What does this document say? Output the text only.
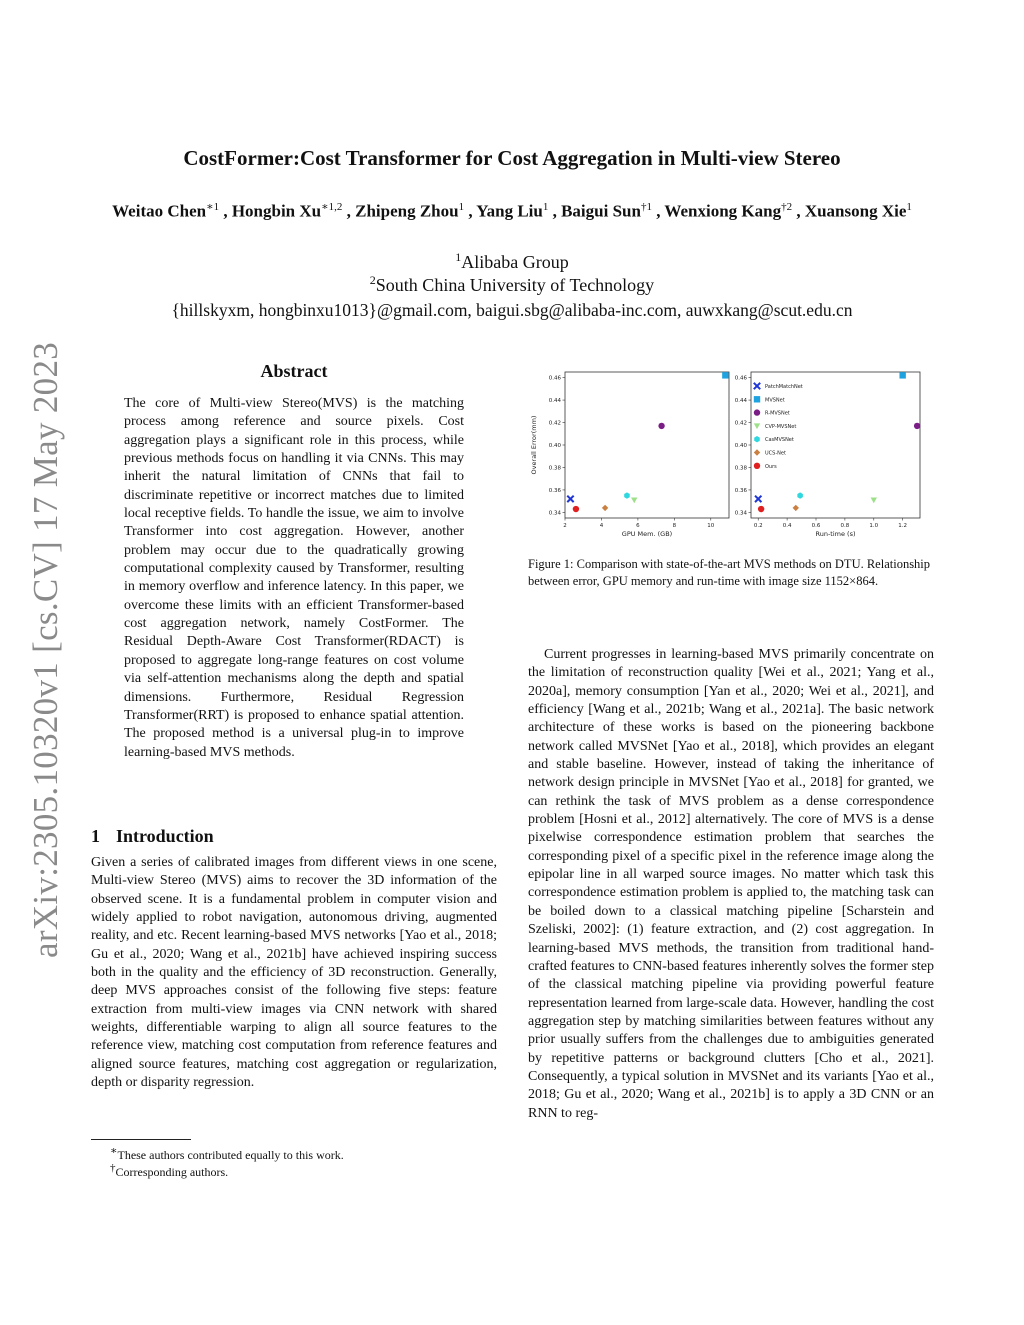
CostFormer:Cost Transformer for Cost Aggregation in Multi-view Stereo
Weitao Chen$^{∗1}$ , Hongbin $Xu^{∗1,2}$ , Zhipeng Zhou$^1$ , Yang Liu$^1$ , Baigui Sun$^{\dagger 1}$ , Wenxiong Kang$^{\dagger 2}$ , Xuansong Xie$^1$
$^1$Alibaba Group
$^2$South China University of Technology
{hillskyxm, hongbinxu1013}@gmail.com, baigui.sbg@alibaba-inc.com, auwxkang@scut.edu.cn
arXiv:2305.10320v1 [cs.CV] 17 May 2023	Abstract
The core of Multi-view Stereo(MVS) is the matching process among reference and source pixels. Cost aggregation plays a significant role in this process, while previous methods focus on handling it via CNNs. This may inherit the natural limitation of CNNs that fail to discriminate repetitive or incorrect matches due to limited local receptive fields. To handle the issue, we aim to involve Transformer into cost aggregation. However, another problem may occur due to the quadratically growing computational complexity caused by Transformer, resulting in memory overflow and inference latency. In this paper, we overcome these limits with an efficient Transformer-based cost aggregation network, namely CostFormer. The Residual Depth-Aware Cost Transformer(RDACT) is proposed to aggregate long-range features on cost volume via self-attention mechanisms along the depth and spatial dimensions. Furthermore, Residual Regression Transformer(RRT) is proposed to enhance spatial attention. The proposed method is a universal plug-in to improve learning-based MVS methods.
1 Introduction
Given a series of calibrated images from different views in one scene, Multi-view Stereo (MVS) aims to recover the 3D information of the observed scene. It is a fundamental problem in computer vision and widely applied to robot navigation, autonomous driving, augmented reality, and etc. Recent learning-based MVS networks [Yao et al., 2018; Gu et al., 2020; Wang et al., 2021b] have achieved inspiring success both in the quality and the efficiency of 3D reconstruction. Generally, deep MVS approaches consist of the following five steps: feature extraction from multi-view images via CNN network with shared weights, differentiable warping to align all source features to the reference view, matching cost computation from reference features and aligned source features, matching cost aggregation or regularization, depth or disparity regression.
∗These authors contributed equally to this work.
†Corresponding authors.
0.34
0.36
0.38
0.40
0.42
0.44
0.46
2	4	6	8	10
GPU Mem. (GB)
Overall Error(mm)
0.34
0.36
0.38
0.40
0.42
0.44
0.46
0.2	0.4	0.6	0.8	1.0	1.2
Run-time (s)
PatchMatchNet
MVSNet
R-MVSNet
CVP-MVSNet
CasMVSNet
UCS-Net
Ours
Figure 1: Comparison with state-of-the-art MVS methods on DTU. Relationship between error, GPU memory and run-time with image size 1152×864.
Current progresses in learning-based MVS primarily concentrate on the limitation of reconstruction quality [Wei et al., 2021; Yang et al., 2020a], memory consumption [Yan et al., 2020; Wei et al., 2021], and efficiency [Wang et al., 2021b; Wang et al., 2021a]. The basic network architecture of these works is based on the pioneering backbone network called MVSNet [Yao et al., 2018], which provides an elegant and stable baseline. However, instead of taking the inheritance of network design principle in MVSNet [Yao et al., 2018] for granted, we can rethink the task of MVS problem as a dense correspondence problem [Hosni et al., 2012] alternatively. The core of MVS is a dense pixelwise correspondence estimation problem that searches the corresponding pixel of a specific pixel in the reference image along the epipolar line in all warped source images. No matter which task this correspondence estimation problem is applied to, the matching task can be boiled down to a classical matching pipeline [Scharstein and Szeliski, 2002]: (1) feature extraction, and (2) cost aggregation. In learning-based MVS methods, the transition from traditional hand-crafted features to CNN-based features inherently solves the former step of the classical matching pipeline via providing powerful feature representation learned from large-scale data. However, handling the cost aggregation step by matching similarities between features without any prior usually suffers from the challenges due to ambiguities generated by repetitive patterns or background clutters [Cho et al., 2021]. Consequently, a typical solution in MVSNet and its variants [Yao et al., 2018; Gu et al., 2020; Wang et al., 2021b] is to apply a 3D CNN or an RNN to reg-
